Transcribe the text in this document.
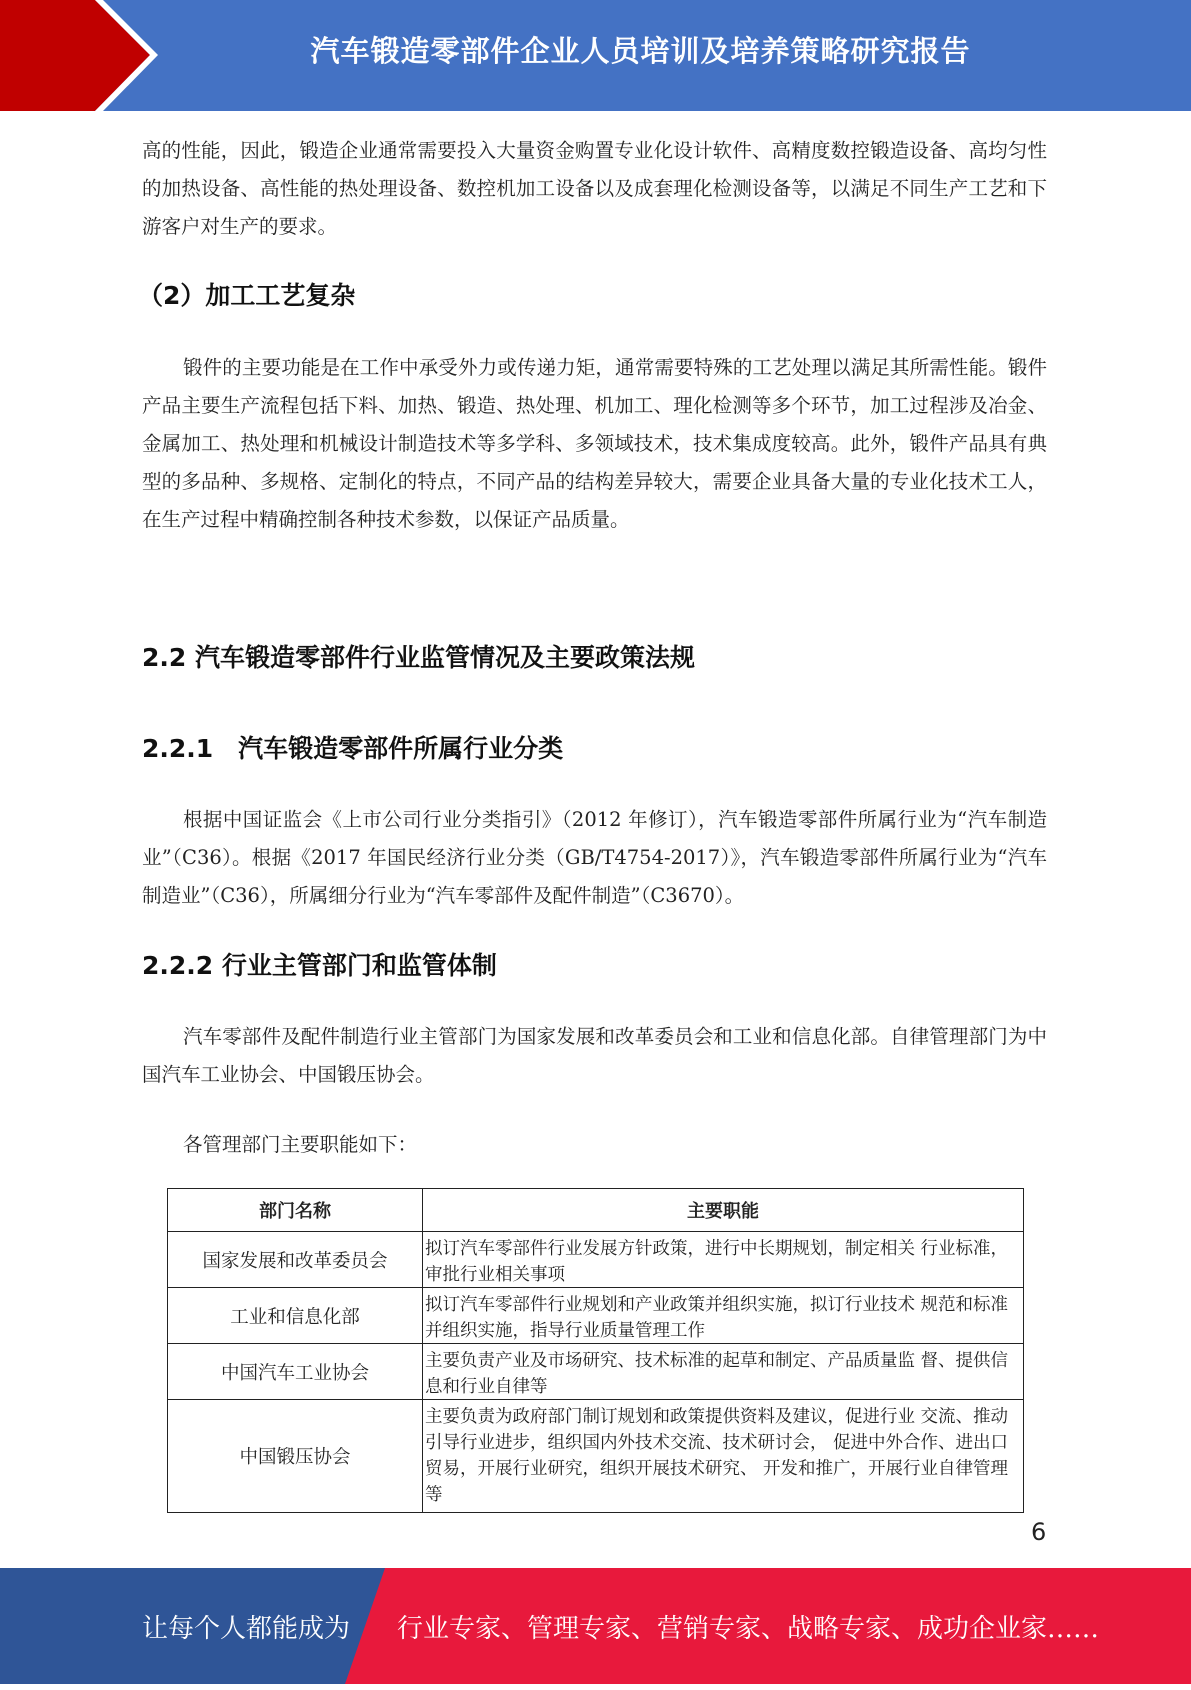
汽车锻造零部件企业人员培训及培养策略研究报告

高的性能，因此，锻造企业通常需要投入大量资金购置专业化设计软件、高精度数控锻造设备、高均匀性的加热设备、高性能的热处理设备、数控机加工设备以及成套理化检测设备等，以满足不同生产工艺和下游客户对生产的要求。

（2）加工工艺复杂

锻件的主要功能是在工作中承受外力或传递力矩，通常需要特殊的工艺处理以满足其所需性能。锻件产品主要生产流程包括下料、加热、锻造、热处理、机加工、理化检测等多个环节，加工过程涉及冶金、金属加工、热处理和机械设计制造技术等多学科、多领域技术，技术集成度较高。此外，锻件产品具有典型的多品种、多规格、定制化的特点，不同产品的结构差异较大，需要企业具备大量的专业化技术工人，在生产过程中精确控制各种技术参数，以保证产品质量。

2.2 汽车锻造零部件行业监管情况及主要政策法规
2.2.1　汽车锻造零部件所属行业分类

根据中国证监会《上市公司行业分类指引》（2012 年修订），汽车锻造零部件所属行业为“汽车制造业”（C36）。根据《2017 年国民经济行业分类（GB/T4754-2017）》，汽车锻造零部件所属行业为“汽车制造业”（C36），所属细分行业为“汽车零部件及配件制造”（C3670）。

2.2.2 行业主管部门和监管体制

汽车零部件及配件制造行业主管部门为国家发展和改革委员会和工业和信息化部。自律管理部门为中国汽车工业协会、中国锻压协会。

各管理部门主要职能如下：

部门名称	主要职能
国家发展和改革委员会	拟订汽车零部件行业发展方针政策，进行中长期规划，制定相关 行业标准，审批行业相关事项

工业和信息化部	拟订汽车零部件行业规划和产业政策并组织实施，拟订行业技术 规范和标准并组织实施，指导行业质量管理工作

中国汽车工业协会	主要负责产业及市场研究、技术标准的起草和制定、产品质量监 督、提供信息和行业自律等

中国锻压协会	主要负责为政府部门制订规划和政策提供资料及建议，促进行业 交流、推动引导行业进步，组织国内外技术交流、技术研讨会， 促进中外合作、进出口贸易，开展行业研究，组织开展技术研究、 开发和推广，开展行业自律管理等
6
让每个人都能成为 行业专家、管理专家、营销专家、战略专家、成功企业家……
